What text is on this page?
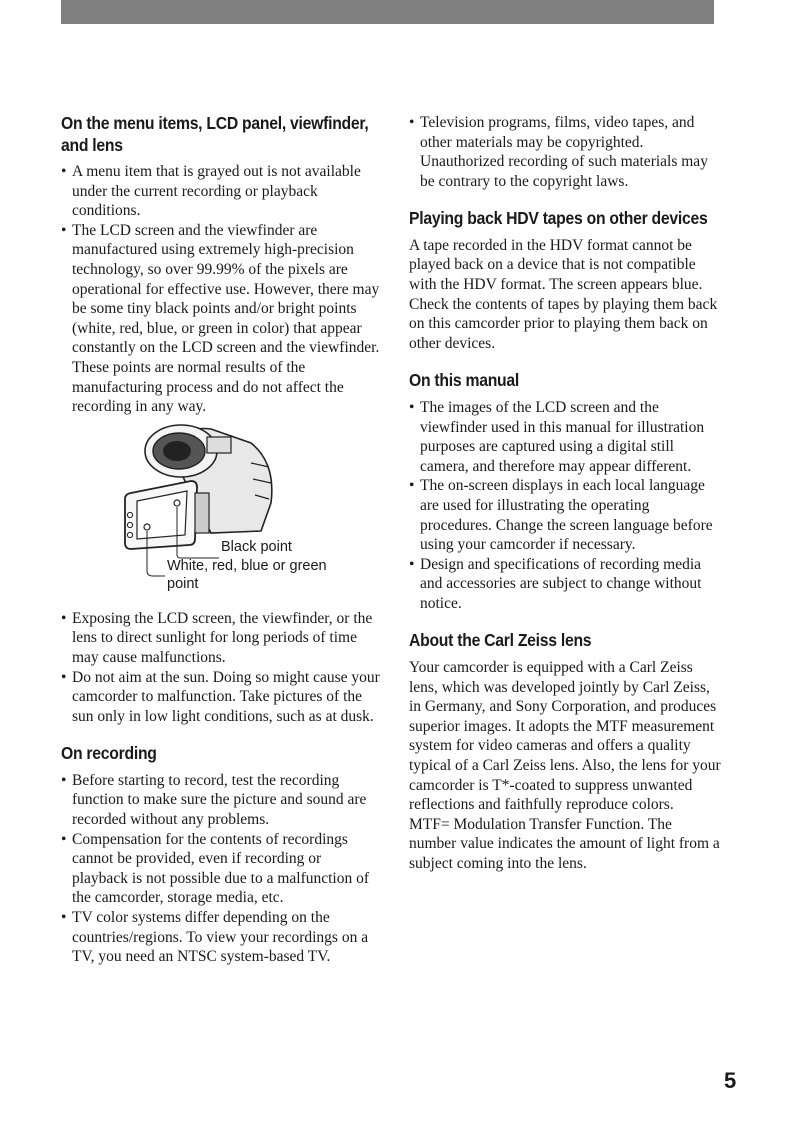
On the menu items, LCD panel, viewfinder, and lens
• A menu item that is grayed out is not available under the current recording or playback conditions.
• The LCD screen and the viewfinder are manufactured using extremely high-precision technology, so over 99.99% of the pixels are operational for effective use. However, there may be some tiny black points and/or bright points (white, red, blue, or green in color) that appear constantly on the LCD screen and the viewfinder. These points are normal results of the manufacturing process and do not affect the recording in any way.
Black point
White, red, blue or green point
• Exposing the LCD screen, the viewfinder, or the lens to direct sunlight for long periods of time may cause malfunctions.
• Do not aim at the sun. Doing so might cause your camcorder to malfunction. Take pictures of the sun only in low light conditions, such as at dusk.
On recording
• Before starting to record, test the recording function to make sure the picture and sound are recorded without any problems.
• Compensation for the contents of recordings cannot be provided, even if recording or playback is not possible due to a malfunction of the camcorder, storage media, etc.
• TV color systems differ depending on the countries/regions. To view your recordings on a TV, you need an NTSC system-based TV.
• Television programs, films, video tapes, and other materials may be copyrighted. Unauthorized recording of such materials may be contrary to the copyright laws.
Playing back HDV tapes on other devices

A tape recorded in the HDV format cannot be played back on a device that is not compatible with the HDV format. The screen appears blue.

Check the contents of tapes by playing them back on this camcorder prior to playing them back on other devices.

On this manual
• The images of the LCD screen and the viewfinder used in this manual for illustration purposes are captured using a digital still camera, and therefore may appear different.
• The on-screen displays in each local language are used for illustrating the operating procedures. Change the screen language before using your camcorder if necessary.
• Design and specifications of recording media and accessories are subject to change without notice.
About the Carl Zeiss lens

Your camcorder is equipped with a Carl Zeiss lens, which was developed jointly by Carl Zeiss, in Germany, and Sony Corporation, and produces superior images. It adopts the MTF measurement system for video cameras and offers a quality typical of a Carl Zeiss lens. Also, the lens for your camcorder is T*-coated to suppress unwanted reflections and faithfully reproduce colors.

MTF= Modulation Transfer Function. The number value indicates the amount of light from a subject coming into the lens.

5
